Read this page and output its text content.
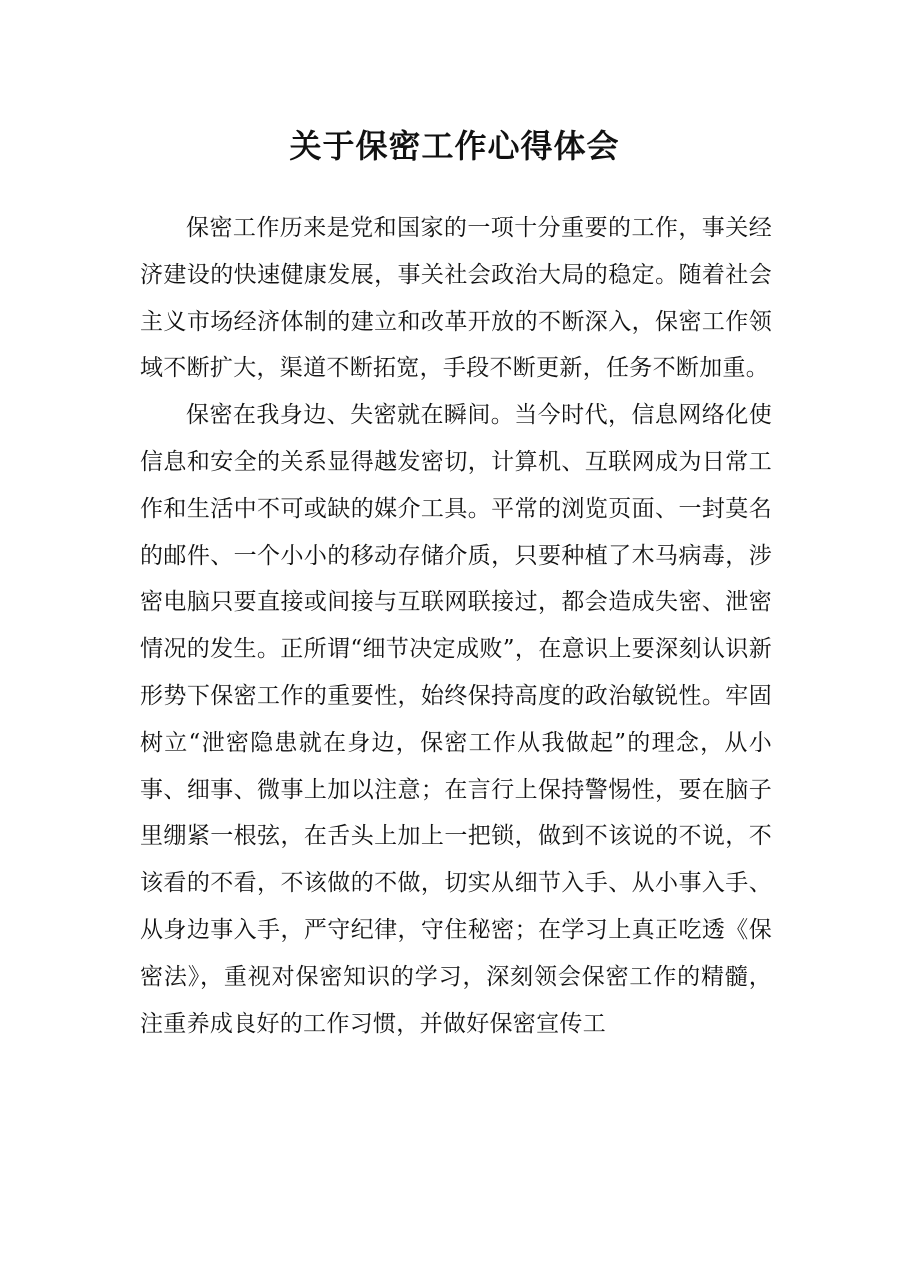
关于保密工作心得体会

保密工作历来是党和国家的一项十分重要的工作，事关经济建设的快速健康发展，事关社会政治大局的稳定。随着社会主义市场经济体制的建立和改革开放的不断深入，保密工作领域不断扩大，渠道不断拓宽，手段不断更新，任务不断加重。

保密在我身边、失密就在瞬间。当今时代，信息网络化使信息和安全的关系显得越发密切，计算机、互联网成为日常工作和生活中不可或缺的媒介工具。平常的浏览页面、一封莫名的邮件、一个小小的移动存储介质，只要种植了木马病毒，涉密电脑只要直接或间接与互联网联接过，都会造成失密、泄密情况的发生。正所谓“细节决定成败”，在意识上要深刻认识新形势下保密工作的重要性，始终保持高度的政治敏锐性。牢固树立“泄密隐患就在身边，保密工作从我做起”的理念，从小事、细事、微事上加以注意；在言行上保持警惕性，要在脑子里绷紧一根弦，在舌头上加上一把锁，做到不该说的不说，不该看的不看，不该做的不做，切实从细节入手、从小事入手、从身边事入手，严守纪律，守住秘密；在学习上真正吃透《保密法》，重视对保密知识的学习，深刻领会保密工作的精髓，注重养成良好的工作习惯，并做好保密宣传工
